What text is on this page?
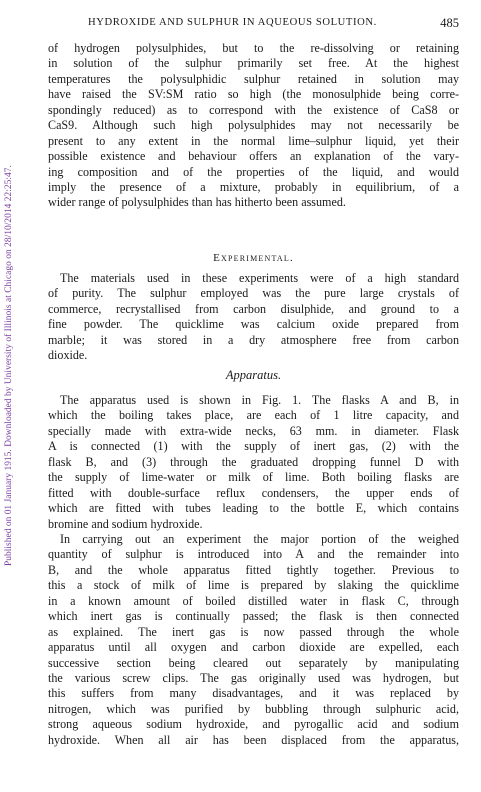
Published on 01 January 1915. Downloaded by University of Illinois at Chicago on 28/10/2014 22:25:47.
HYDROXIDE AND SULPHUR IN AQUEOUS SOLUTION.	485
of hydrogen polysulphides, but to the re-dissolving or retaining
in solution of the sulphur primarily set free. At the highest
temperatures the polysulphidic sulphur retained in solution may
have raised the SV:SM ratio so high (the monosulphide being corre-
spondingly reduced) as to correspond with the existence of CaS8 or
CaS9. Although such high polysulphides may not necessarily be
present to any extent in the normal lime–sulphur liquid, yet their
possible existence and behaviour offers an explanation of the vary-
ing composition and of the properties of the liquid, and would
imply the presence of a mixture, probably in equilibrium, of a
wider range of polysulphides than has hitherto been assumed.
Experimental.
The materials used in these experiments were of a high standard
of purity. The sulphur employed was the pure large crystals of
commerce, recrystallised from carbon disulphide, and ground to a
fine powder. The quicklime was calcium oxide prepared from
marble; it was stored in a dry atmosphere free from carbon
dioxide.
Apparatus.
The apparatus used is shown in Fig. 1. The flasks A and B, in
which the boiling takes place, are each of 1 litre capacity, and
specially made with extra-wide necks, 63 mm. in diameter. Flask
A is connected (1) with the supply of inert gas, (2) with the
flask B, and (3) through the graduated dropping funnel D with
the supply of lime-water or milk of lime. Both boiling flasks are
fitted with double-surface reflux condensers, the upper ends of
which are fitted with tubes leading to the bottle E, which contains
bromine and sodium hydroxide.
In carrying out an experiment the major portion of the weighed
quantity of sulphur is introduced into A and the remainder into
B, and the whole apparatus fitted tightly together. Previous to
this a stock of milk of lime is prepared by slaking the quicklime
in a known amount of boiled distilled water in flask C, through
which inert gas is continually passed; the flask is then connected
as explained. The inert gas is now passed through the whole
apparatus until all oxygen and carbon dioxide are expelled, each
successive section being cleared out separately by manipulating
the various screw clips. The gas originally used was hydrogen, but
this suffers from many disadvantages, and it was replaced by
nitrogen, which was purified by bubbling through sulphuric acid,
strong aqueous sodium hydroxide, and pyrogallic acid and sodium
hydroxide. When all air has been displaced from the apparatus,
